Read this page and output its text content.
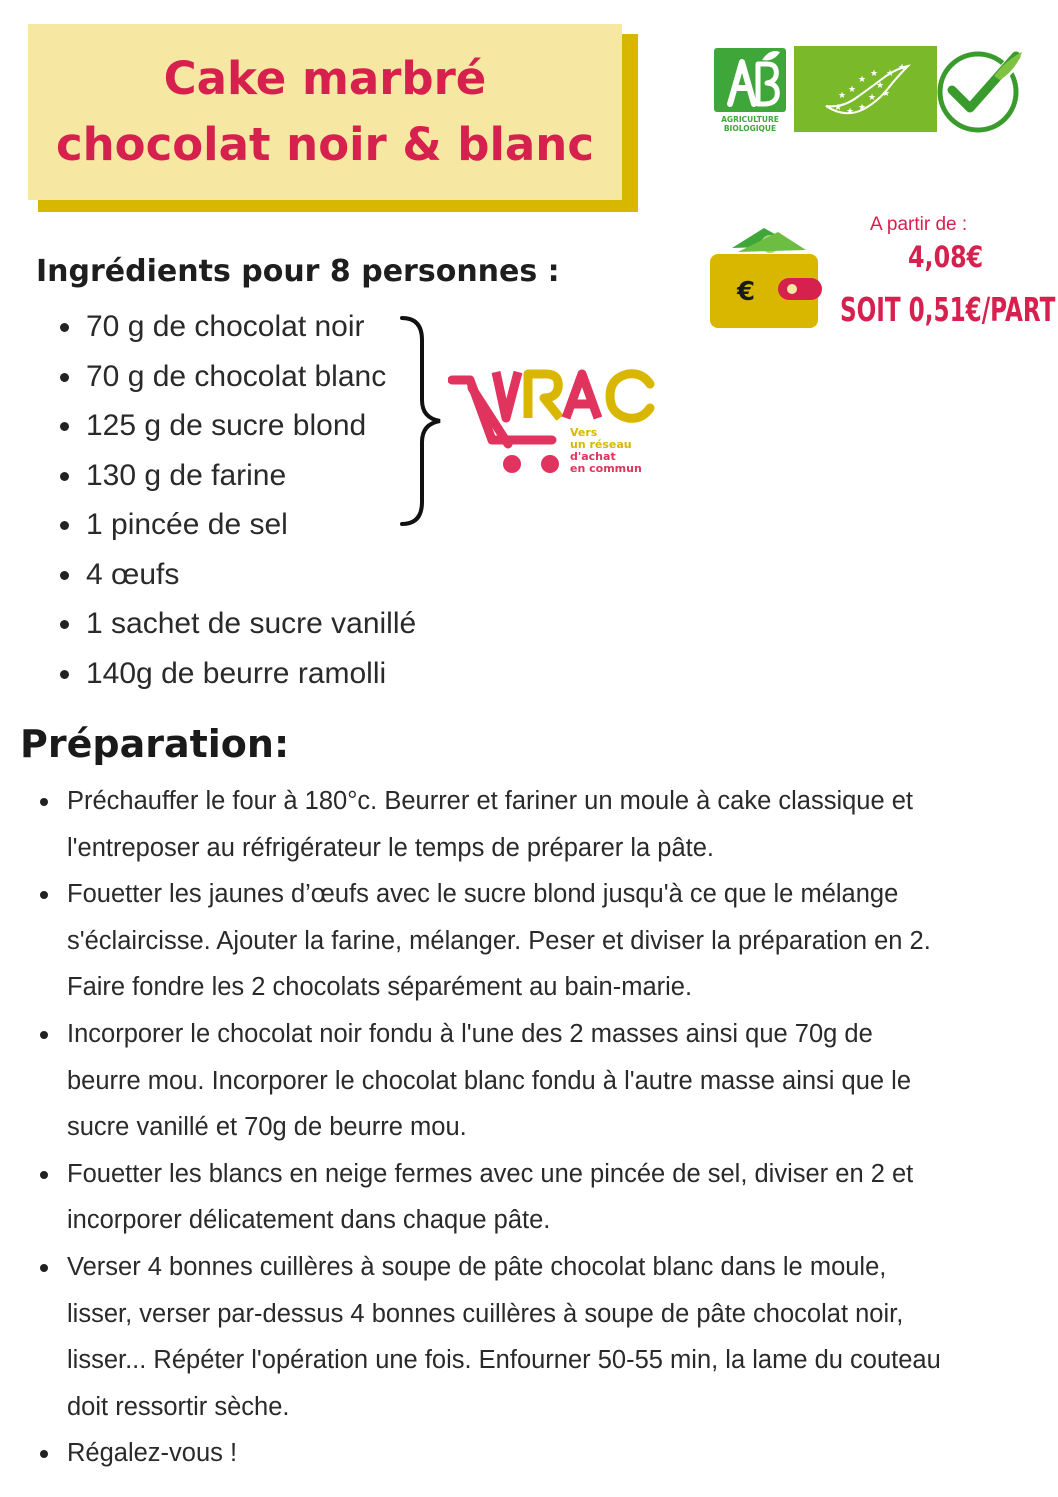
Cake marbré
chocolat noir & blanc	AGRICULTURE
BIOLOGIQUE
★ ★ ★
★
★
★
★
★
★
★
★	★
€
A partir de :
4,08€
SOIT 0,51€/PART
Ingrédients pour 8 personnes :
70 g de chocolat noir
70 g de chocolat blanc
125 g de sucre blond
130 g de farine
1 pincée de sel
4 œufs
1 sachet de sucre vanillé
140g de beurre ramolli
Vers
un réseau
d'achat
en commun
Préparation:
Préchauffer le four à 180°c. Beurrer et fariner un moule à cake classique et
l'entreposer au réfrigérateur le temps de préparer la pâte.
Fouetter les jaunes d’œufs avec le sucre blond jusqu'à ce que le mélange
s'éclaircisse. Ajouter la farine, mélanger. Peser et diviser la préparation en 2.
Faire fondre les 2 chocolats séparément au bain-marie.
Incorporer le chocolat noir fondu à l'une des 2 masses ainsi que 70g de
beurre mou. Incorporer le chocolat blanc fondu à l'autre masse ainsi que le
sucre vanillé et 70g de beurre mou.
Fouetter les blancs en neige fermes avec une pincée de sel, diviser en 2 et
incorporer délicatement dans chaque pâte.
Verser 4 bonnes cuillères à soupe de pâte chocolat blanc dans le moule,
lisser, verser par-dessus 4 bonnes cuillères à soupe de pâte chocolat noir,
lisser... Répéter l'opération une fois. Enfourner 50-55 min, la lame du couteau
doit ressortir sèche.
Régalez-vous !
